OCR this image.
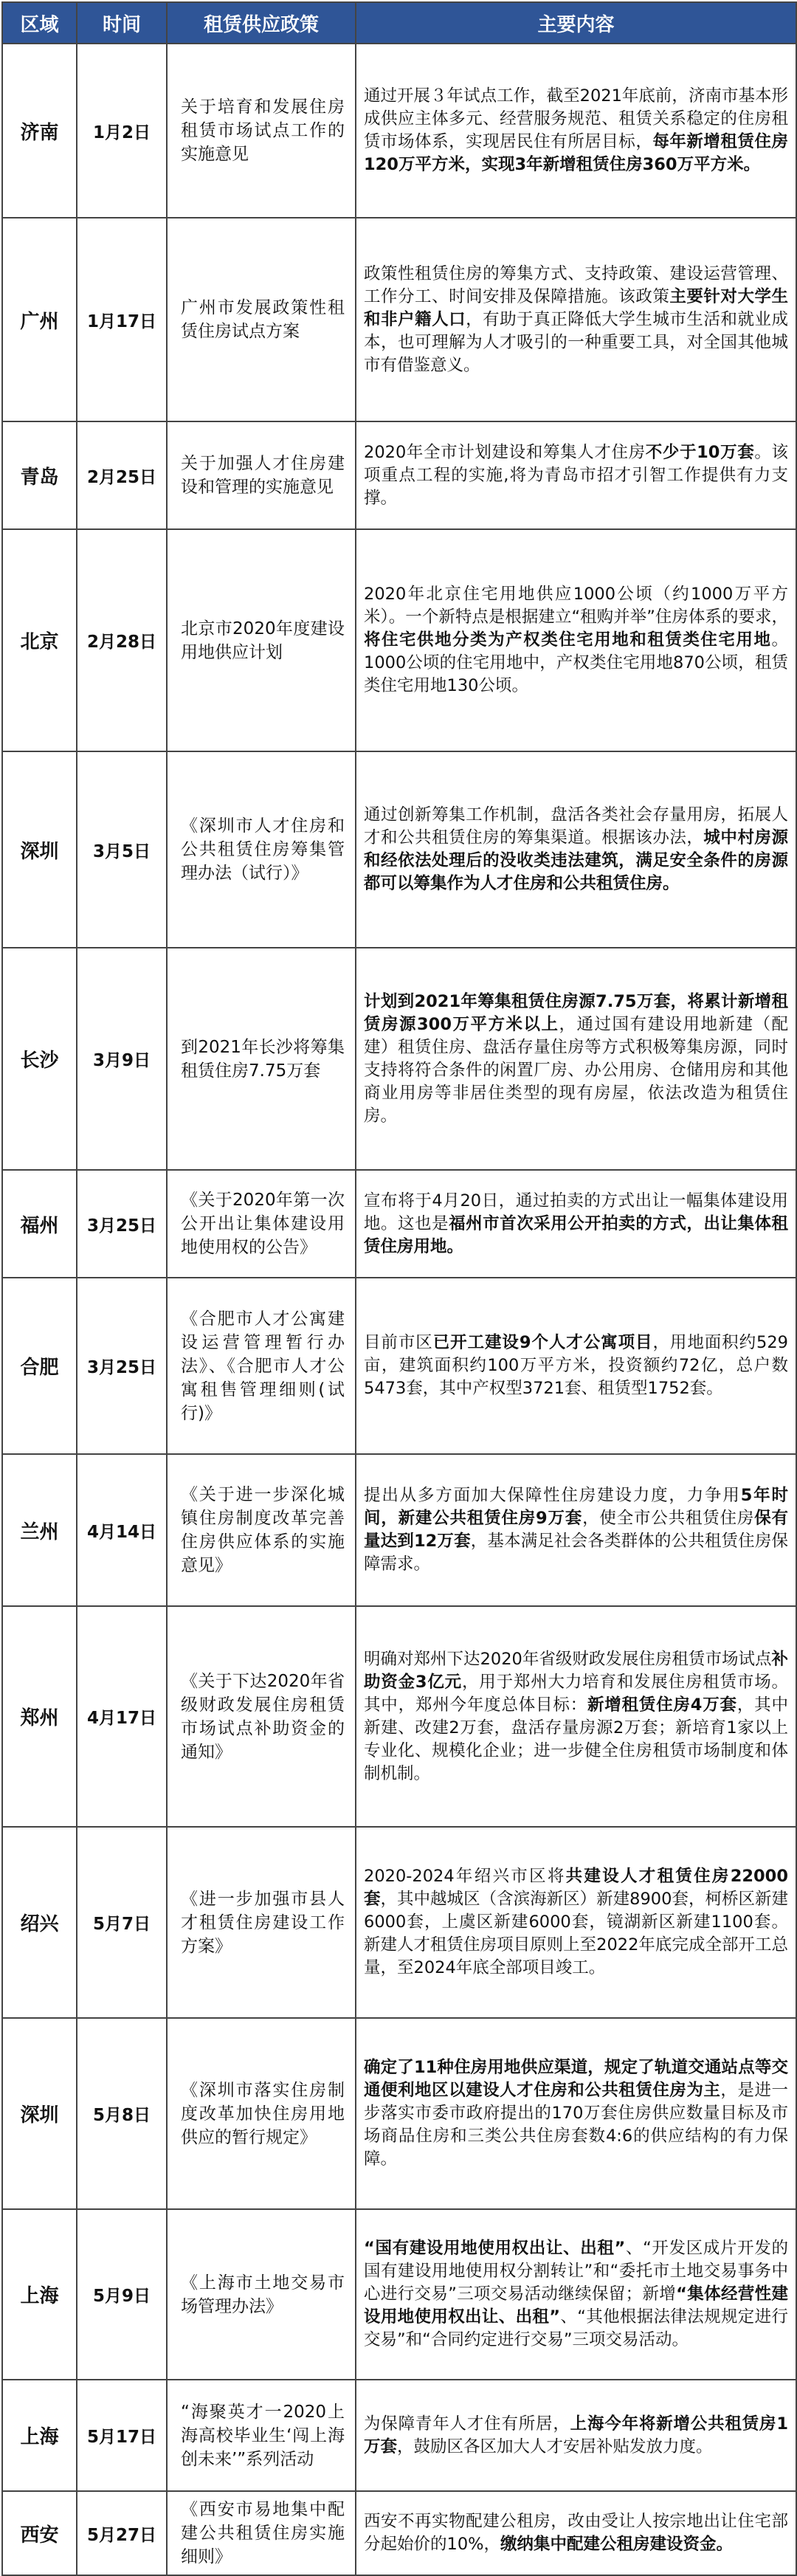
区域	时间	租赁供应政策	主要内容
济南	1月2日	关于培育和发展住房租赁市场试点工作的实施意见	通过开展３年试点工作，截至2021年底前，济南市基本形成供应主体多元、经营服务规范、租赁关系稳定的住房租赁市场体系，实现居民住有所居目标，每年新增租赁住房120万平方米，实现3年新增租赁住房360万平方米。
广州	1月17日	广州市发展政策性租赁住房试点方案	政策性租赁住房的筹集方式、支持政策、建设运营管理、工作分工、时间安排及保障措施。该政策主要针对大学生和非户籍人口，有助于真正降低大学生城市生活和就业成本，也可理解为人才吸引的一种重要工具，对全国其他城市有借鉴意义。
青岛	2月25日	关于加强人才住房建设和管理的实施意见	2020年全市计划建设和筹集人才住房不少于10万套。该项重点工程的实施,将为青岛市招才引智工作提供有力支撑。
北京	2月28日	北京市2020年度建设用地供应计划	2020年北京住宅用地供应1000公顷（约1000万平方米）。一个新特点是根据建立“租购并举”住房体系的要求，将住宅供地分类为产权类住宅用地和租赁类住宅用地。1000公顷的住宅用地中，产权类住宅用地870公顷，租赁类住宅用地130公顷。
深圳	3月5日	《深圳市人才住房和公共租赁住房筹集管理办法（试行）》	通过创新筹集工作机制，盘活各类社会存量用房，拓展人才和公共租赁住房的筹集渠道。根据该办法，城中村房源和经依法处理后的没收类违法建筑，满足安全条件的房源都可以筹集作为人才住房和公共租赁住房。
长沙	3月9日	到2021年长沙将筹集租赁住房7.75万套	计划到2021年筹集租赁住房源7.75万套，将累计新增租赁房源300万平方米以上，通过国有建设用地新建（配建）租赁住房、盘活存量住房等方式积极筹集房源，同时支持将符合条件的闲置厂房、办公用房、仓储用房和其他商业用房等非居住类型的现有房屋，依法改造为租赁住房。
福州	3月25日	《关于2020年第一次公开出让集体建设用地使用权的公告》	宣布将于4月20日，通过拍卖的方式出让一幅集体建设用地。这也是福州市首次采用公开拍卖的方式，出让集体租赁住房用地。
合肥	3月25日	《合肥市人才公寓建设运营管理暂行办法》、《合肥市人才公寓租售管理细则(试行)》	目前市区已开工建设9个人才公寓项目，用地面积约529亩，建筑面积约100万平方米，投资额约72亿，总户数5473套，其中产权型3721套、租赁型1752套。
兰州	4月14日	《关于进一步深化城镇住房制度改革完善住房供应体系的实施意见》	提出从多方面加大保障性住房建设力度，力争用5年时间，新建公共租赁住房9万套，使全市公共租赁住房保有量达到12万套，基本满足社会各类群体的公共租赁住房保障需求。
郑州	4月17日	《关于下达2020年省级财政发展住房租赁市场试点补助资金的通知》	明确对郑州下达2020年省级财政发展住房租赁市场试点补助资金3亿元，用于郑州大力培育和发展住房租赁市场。其中，郑州今年度总体目标：新增租赁住房4万套，其中新建、改建2万套，盘活存量房源2万套；新培育1家以上专业化、规模化企业；进一步健全住房租赁市场制度和体制机制。
绍兴	5月7日	《进一步加强市县人才租赁住房建设工作方案》	2020-2024年绍兴市区将共建设人才租赁住房22000套，其中越城区（含滨海新区）新建8900套，柯桥区新建6000套，上虞区新建6000套，镜湖新区新建1100套。新建人才租赁住房项目原则上至2022年底完成全部开工总量，至2024年底全部项目竣工。
深圳	5月8日	《深圳市落实住房制度改革加快住房用地供应的暂行规定》	确定了11种住房用地供应渠道，规定了轨道交通站点等交通便利地区以建设人才住房和公共租赁住房为主，是进一步落实市委市政府提出的170万套住房供应数量目标及市场商品住房和三类公共住房套数4:6的供应结构的有力保障。
上海	5月9日	《上海市土地交易市场管理办法》	“国有建设用地使用权出让、出租”、“开发区成片开发的国有建设用地使用权分割转让”和“委托市土地交易事务中心进行交易”三项交易活动继续保留；新增“集体经营性建设用地使用权出让、出租”、“其他根据法律法规规定进行交易”和“合同约定进行交易”三项交易活动。
上海	5月17日	“海聚英才一2020上海高校毕业生‘闯上海 创未来’”系列活动	为保障青年人才住有所居，上海今年将新增公共租赁房1万套，鼓励区各区加大人才安居补贴发放力度。
西安	5月27日	《西安市易地集中配建公共租赁住房实施细则》	西安不再实物配建公租房，改由受让人按宗地出让住宅部分起始价的10%，缴纳集中配建公租房建设资金。
